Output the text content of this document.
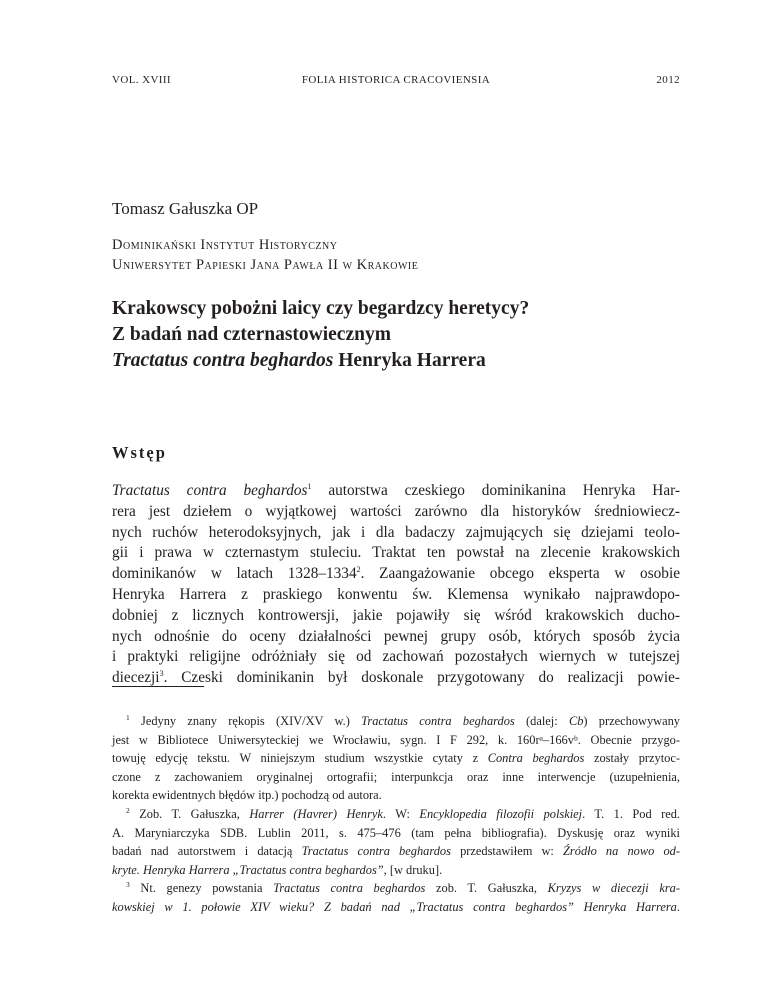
VOL. XVIII	FOLIA HISTORICA CRACOVIENSIA	2012
Tomasz Gałuszka OP
Dominikański Instytut Historyczny
Uniwersytet Papieski Jana Pawła II w Krakowie
Krakowscy pobożni laicy czy begardzcy heretycy?
Z badań nad czternastowiecznym
Tractatus contra beghardos Henryka Harrera
Wstęp
Tractatus contra beghardos$^1$ autorstwa czeskiego dominikanina Henryka Har-
rera jest dziełem o wyjątkowej wartości zarówno dla historyków średniowiecz-
nych ruchów heterodoksyjnych, jak i dla badaczy zajmujących się dziejami teolo-
gii i prawa w czternastym stuleciu. Traktat ten powstał na zlecenie krakowskich
dominikanów w latach 1328–1334$^2$. Zaangażowanie obcego eksperta w osobie
Henryka Harrera z praskiego konwentu św. Klemensa wynikało najprawdopo-
dobniej z licznych kontrowersji, jakie pojawiły się wśród krakowskich ducho-
nych odnośnie do oceny działalności pewnej grupy osób, których sposób życia
i praktyki religijne odróżniały się od zachowań pozostałych wiernych w tutejszej
diecezji$^3$. Czeski dominikanin był doskonale przygotowany do realizacji powie-
$^1$ Jedyny znany rękopis (XIV/XV w.) Tractatus contra beghardos (dalej: Cb) przechowywany
jest w Bibliotece Uniwersyteckiej we Wrocławiu, sygn. I F 292, k. 160rᵃ–166vᵇ. Obecnie przygo-
towuję edycję tekstu. W niniejszym studium wszystkie cytaty z Contra beghardos zostały przytoc-
czone z zachowaniem oryginalnej ortografii; interpunkcja oraz inne interwencje (uzupełnienia,
korekta ewidentnych błędów itp.) pochodzą od autora.
$^2$ Zob. T. Gałuszka, Harrer (Havrer) Henryk. W: Encyklopedia filozofii polskiej. T. 1. Pod red.
A. Maryniarczyka SDB. Lublin 2011, s. 475–476 (tam pełna bibliografia). Dyskusję oraz wyniki
badań nad autorstwem i datacją Tractatus contra beghardos przedstawiłem w: Źródło na nowo od-
kryte. Henryka Harrera „Tractatus contra beghardos”, [w druku].
$^3$ Nt. genezy powstania Tractatus contra beghardos zob. T. Gałuszka, Kryzys w diecezji kra-
kowskiej w 1. połowie XIV wieku? Z badań nad „Tractatus contra beghardos” Henryka Harrera.
